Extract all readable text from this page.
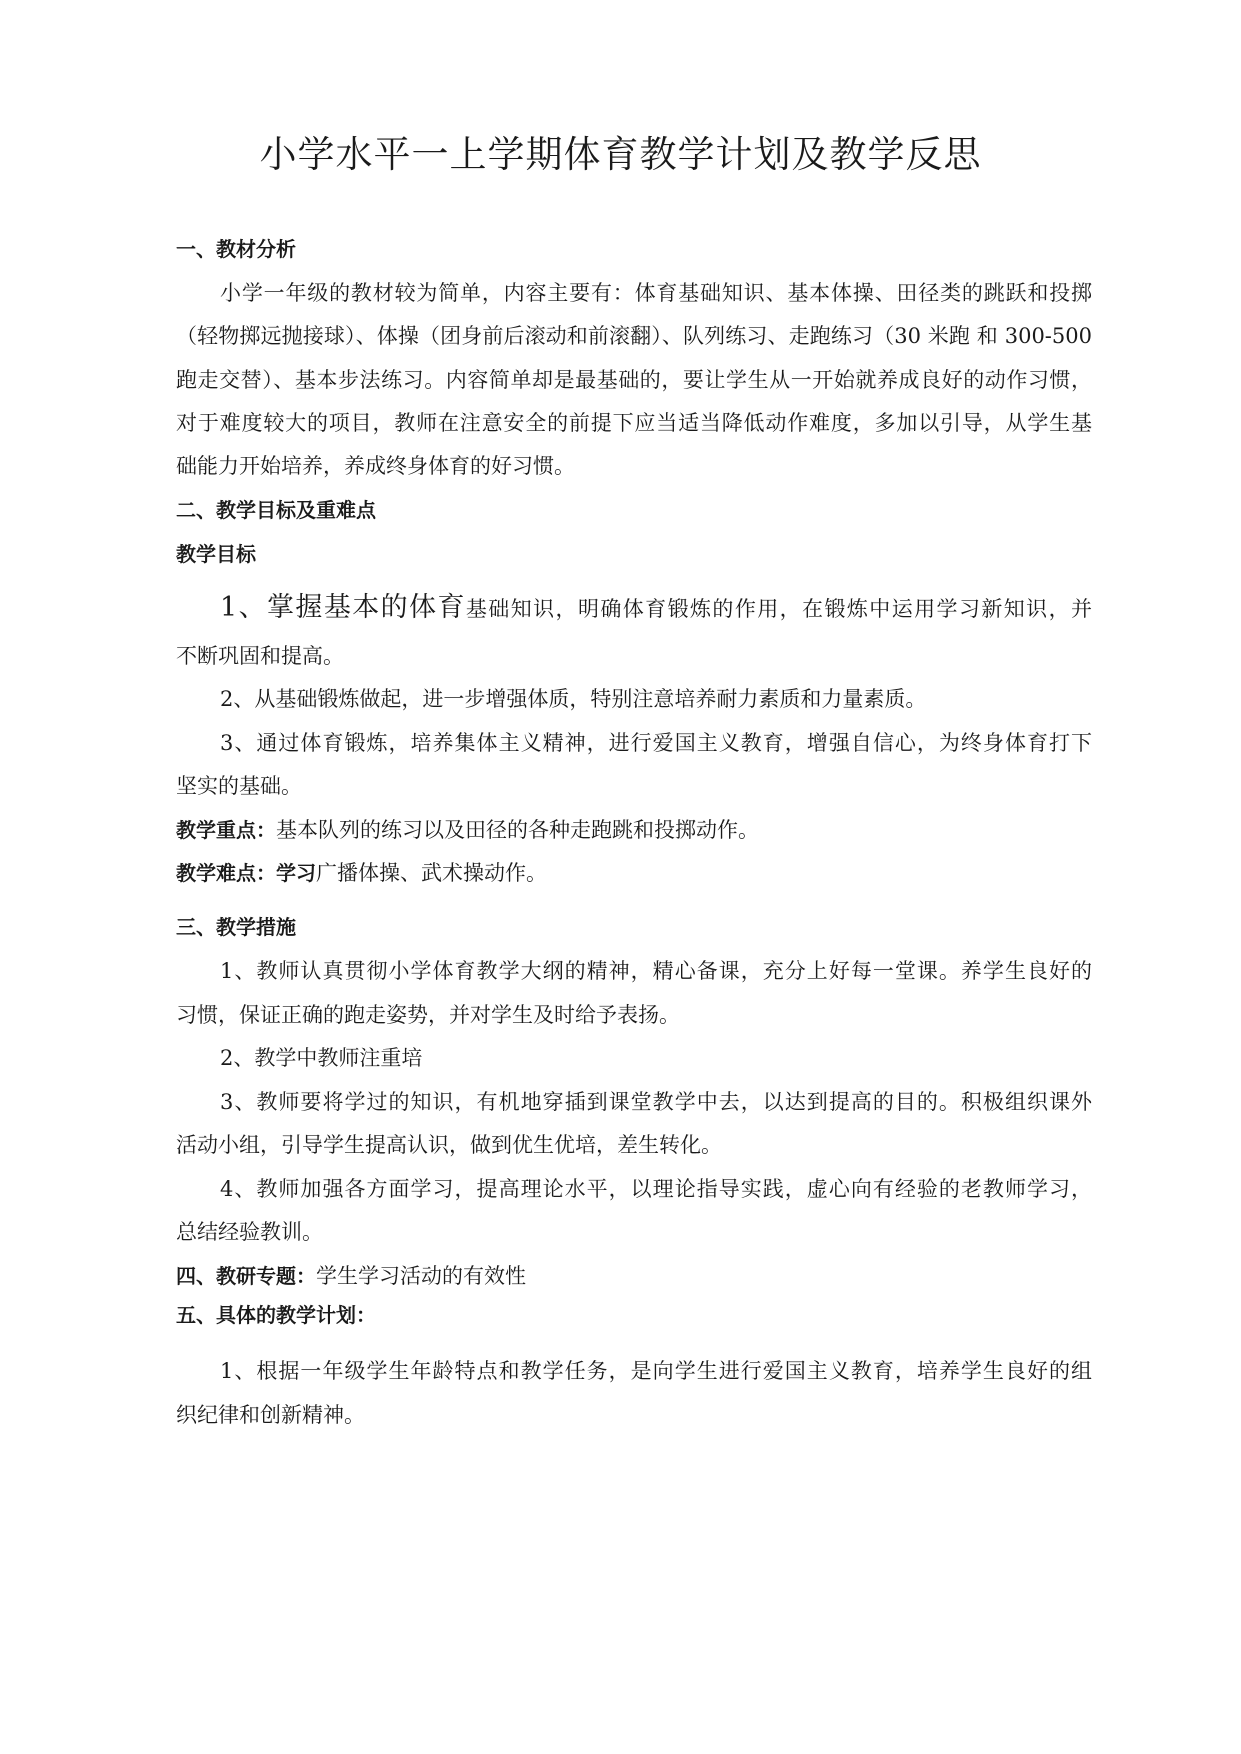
小学水平一上学期体育教学计划及教学反思

一、教材分析

小学一年级的教材较为简单，内容主要有：体育基础知识、基本体操、田径类的跳跃和投掷

（轻物掷远抛接球）、体操（团身前后滚动和前滚翻）、队列练习、走跑练习（30 米跑 和 300-500

跑走交替）、基本步法练习。内容简单却是最基础的，要让学生从一开始就养成良好的动作习惯，

对于难度较大的项目，教师在注意安全的前提下应当适当降低动作难度，多加以引导，从学生基

础能力开始培养，养成终身体育的好习惯。

二、教学目标及重难点

教学目标

1、掌握基本的体育基础知识，明确体育锻炼的作用，在锻炼中运用学习新知识，并

不断巩固和提高。

2、从基础锻炼做起，进一步增强体质，特别注意培养耐力素质和力量素质。

3、通过体育锻炼，培养集体主义精神，进行爱国主义教育，增强自信心，为终身体育打下

坚实的基础。

教学重点：基本队列的练习以及田径的各种走跑跳和投掷动作。

教学难点：学习广播体操、武术操动作。

三、教学措施

1、教师认真贯彻小学体育教学大纲的精神，精心备课，充分上好每一堂课。养学生良好的

习惯，保证正确的跑走姿势，并对学生及时给予表扬。

2、教学中教师注重培

3、教师要将学过的知识，有机地穿插到课堂教学中去，以达到提高的目的。积极组织课外

活动小组，引导学生提高认识，做到优生优培，差生转化。

4、教师加强各方面学习，提高理论水平，以理论指导实践，虚心向有经验的老教师学习，

总结经验教训。

四、教研专题：学生学习活动的有效性

五、具体的教学计划：

1、根据一年级学生年龄特点和教学任务，是向学生进行爱国主义教育，培养学生良好的组

织纪律和创新精神。
